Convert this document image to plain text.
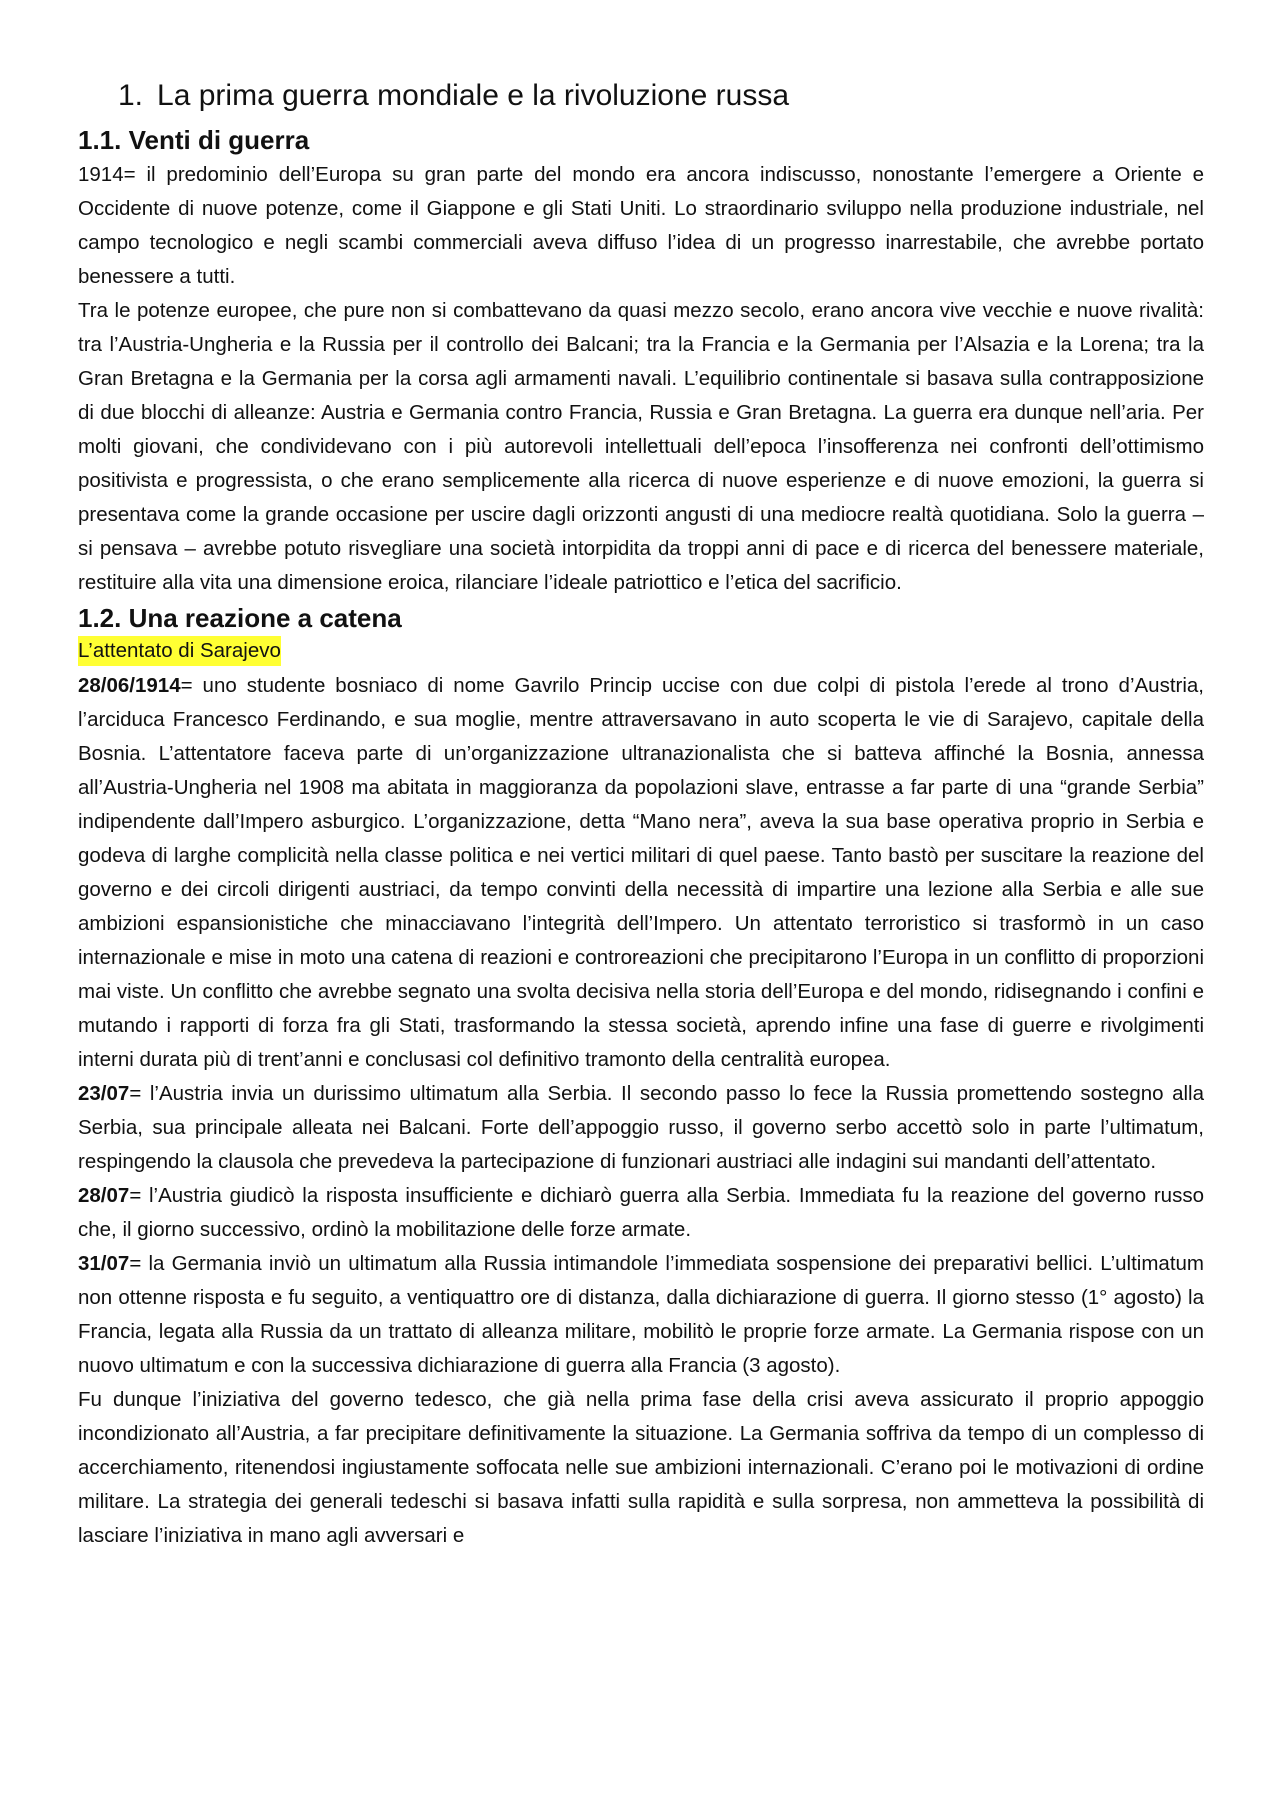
1. La prima guerra mondiale e la rivoluzione russa
1.1. Venti di guerra

1914= il predominio dell’Europa su gran parte del mondo era ancora indiscusso, nonostante l’emergere a Oriente e Occidente di nuove potenze, come il Giappone e gli Stati Uniti. Lo straordinario sviluppo nella produzione industriale, nel campo tecnologico e negli scambi commerciali aveva diffuso l’idea di un progresso inarrestabile, che avrebbe portato benessere a tutti.

Tra le potenze europee, che pure non si combattevano da quasi mezzo secolo, erano ancora vive vecchie e nuove rivalità: tra l’Austria-Ungheria e la Russia per il controllo dei Balcani; tra la Francia e la Germania per l’Alsazia e la Lorena; tra la Gran Bretagna e la Germania per la corsa agli armamenti navali. L’equilibrio continentale si basava sulla contrapposizione di due blocchi di alleanze: Austria e Germania contro Francia, Russia e Gran Bretagna. La guerra era dunque nell’aria. Per molti giovani, che condividevano con i più autorevoli intellettuali dell’epoca l’insofferenza nei confronti dell’ottimismo positivista e progressista, o che erano semplicemente alla ricerca di nuove esperienze e di nuove emozioni, la guerra si presentava come la grande occasione per uscire dagli orizzonti angusti di una mediocre realtà quotidiana. Solo la guerra – si pensava – avrebbe potuto risvegliare una società intorpidita da troppi anni di pace e di ricerca del benessere materiale, restituire alla vita una dimensione eroica, rilanciare l’ideale patriottico e l’etica del sacrificio.

1.2. Una reazione a catena
L’attentato di Sarajevo

28/06/1914= uno studente bosniaco di nome Gavrilo Princip uccise con due colpi di pistola l’erede al trono d’Austria, l’arciduca Francesco Ferdinando, e sua moglie, mentre attraversavano in auto scoperta le vie di Sarajevo, capitale della Bosnia. L’attentatore faceva parte di un’organizzazione ultranazionalista che si batteva affinché la Bosnia, annessa all’Austria-Ungheria nel 1908 ma abitata in maggioranza da popolazioni slave, entrasse a far parte di una “grande Serbia” indipendente dall’Impero asburgico. L’organizzazione, detta “Mano nera”, aveva la sua base operativa proprio in Serbia e godeva di larghe complicità nella classe politica e nei vertici militari di quel paese. Tanto bastò per suscitare la reazione del governo e dei circoli dirigenti austriaci, da tempo convinti della necessità di impartire una lezione alla Serbia e alle sue ambizioni espansionistiche che minacciavano l’integrità dell’Impero. Un attentato terroristico si trasformò in un caso internazionale e mise in moto una catena di reazioni e controreazioni che precipitarono l’Europa in un conflitto di proporzioni mai viste. Un conflitto che avrebbe segnato una svolta decisiva nella storia dell’Europa e del mondo, ridisegnando i confini e mutando i rapporti di forza fra gli Stati, trasformando la stessa società, aprendo infine una fase di guerre e rivolgimenti interni durata più di trent’anni e conclusasi col definitivo tramonto della centralità europea.

23/07= l’Austria invia un durissimo ultimatum alla Serbia. Il secondo passo lo fece la Russia promettendo sostegno alla Serbia, sua principale alleata nei Balcani. Forte dell’appoggio russo, il governo serbo accettò solo in parte l’ultimatum, respingendo la clausola che prevedeva la partecipazione di funzionari austriaci alle indagini sui mandanti dell’attentato.

28/07= l’Austria giudicò la risposta insufficiente e dichiarò guerra alla Serbia. Immediata fu la reazione del governo russo che, il giorno successivo, ordinò la mobilitazione delle forze armate.

31/07= la Germania inviò un ultimatum alla Russia intimandole l’immediata sospensione dei preparativi bellici. L’ultimatum non ottenne risposta e fu seguito, a ventiquattro ore di distanza, dalla dichiarazione di guerra. Il giorno stesso (1° agosto) la Francia, legata alla Russia da un trattato di alleanza militare, mobilitò le proprie forze armate. La Germania rispose con un nuovo ultimatum e con la successiva dichiarazione di guerra alla Francia (3 agosto).

Fu dunque l’iniziativa del governo tedesco, che già nella prima fase della crisi aveva assicurato il proprio appoggio incondizionato all’Austria, a far precipitare definitivamente la situazione. La Germania soffriva da tempo di un complesso di accerchiamento, ritenendosi ingiustamente soffocata nelle sue ambizioni internazionali. C’erano poi le motivazioni di ordine militare. La strategia dei generali tedeschi si basava infatti sulla rapidità e sulla sorpresa, non ammetteva la possibilità di lasciare l’iniziativa in mano agli avversari e
